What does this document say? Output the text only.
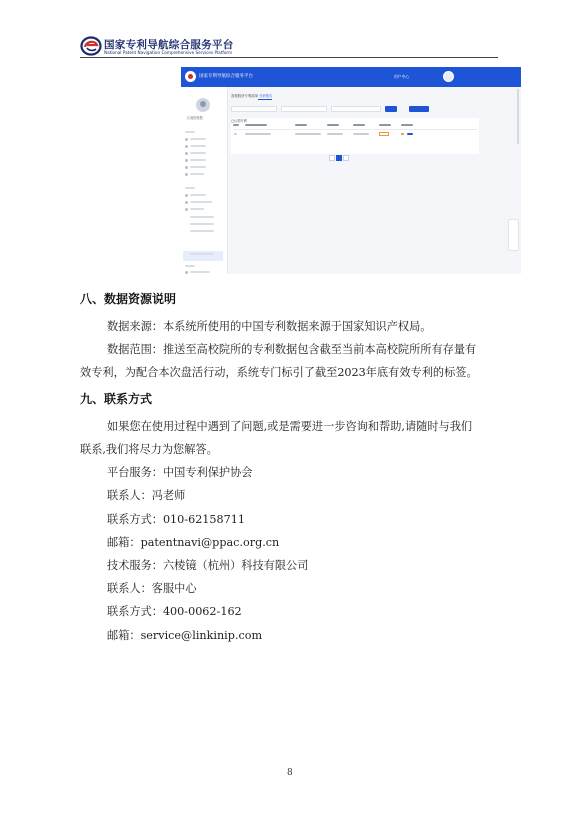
国家专利导航综合服务平台
National Patent Navigation Comprehensive Services Platform
国家专利导航综合服务平台	用户中心
江南院校院
高校院所专利清单 分析报告
已认领专利
八、数据资源说明
数据来源：本系统所使用的中国专利数据来源于国家知识产权局。
数据范围：推送至高校院所的专利数据包含截至当前本高校院所所有存量有
效专利，为配合本次盘活行动，系统专门标引了截至2023年底有效专利的标签。
九、联系方式
如果您在使用过程中遇到了问题,或是需要进一步咨询和帮助,请随时与我们
联系,我们将尽力为您解答。
平台服务：中国专利保护协会
联系人：冯老师
联系方式：010-62158711
邮箱：patentnavi@ppac.org.cn
技术服务：六棱镜（杭州）科技有限公司
联系人：客服中心
联系方式：400-0062-162
邮箱：service@linkinip.com
8
